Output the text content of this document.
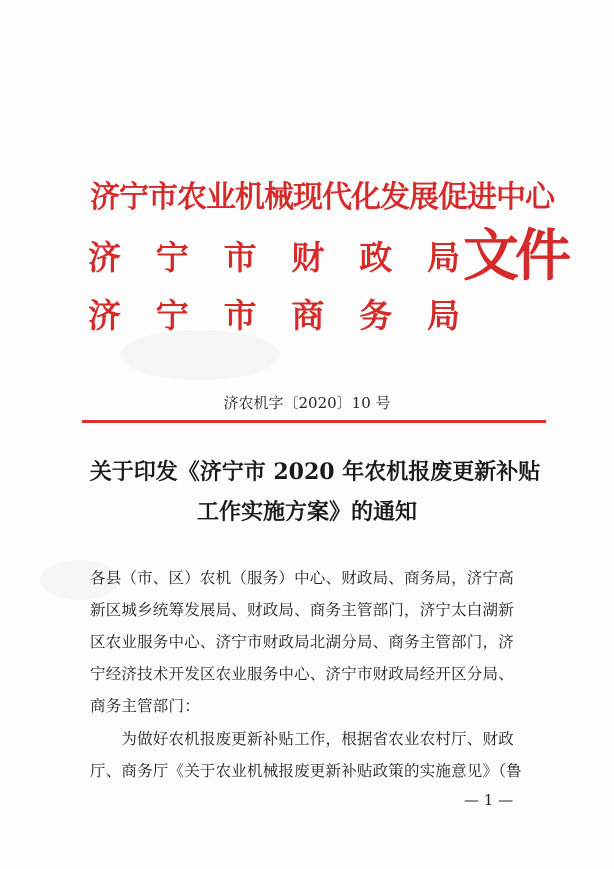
济宁市农业机械现代化发展促进中心
济 宁 市 财 政 局
济 宁 市 商 务 局
文件
济农机字〔2020〕10 号
关于印发《济宁市 2020 年农机报废更新补贴
工作实施方案》的通知
各县（市、区）农机（服务）中心、财政局、商务局，济宁高
新区城乡统筹发展局、财政局、商务主管部门，济宁太白湖新
区农业服务中心、济宁市财政局北湖分局、商务主管部门，济
宁经济技术开发区农业服务中心、济宁市财政局经开区分局、
商务主管部门：
　　为做好农机报废更新补贴工作，根据省农业农村厅、财政
厅、商务厅《关于农业机械报废更新补贴政策的实施意见》（鲁
— 1 —
